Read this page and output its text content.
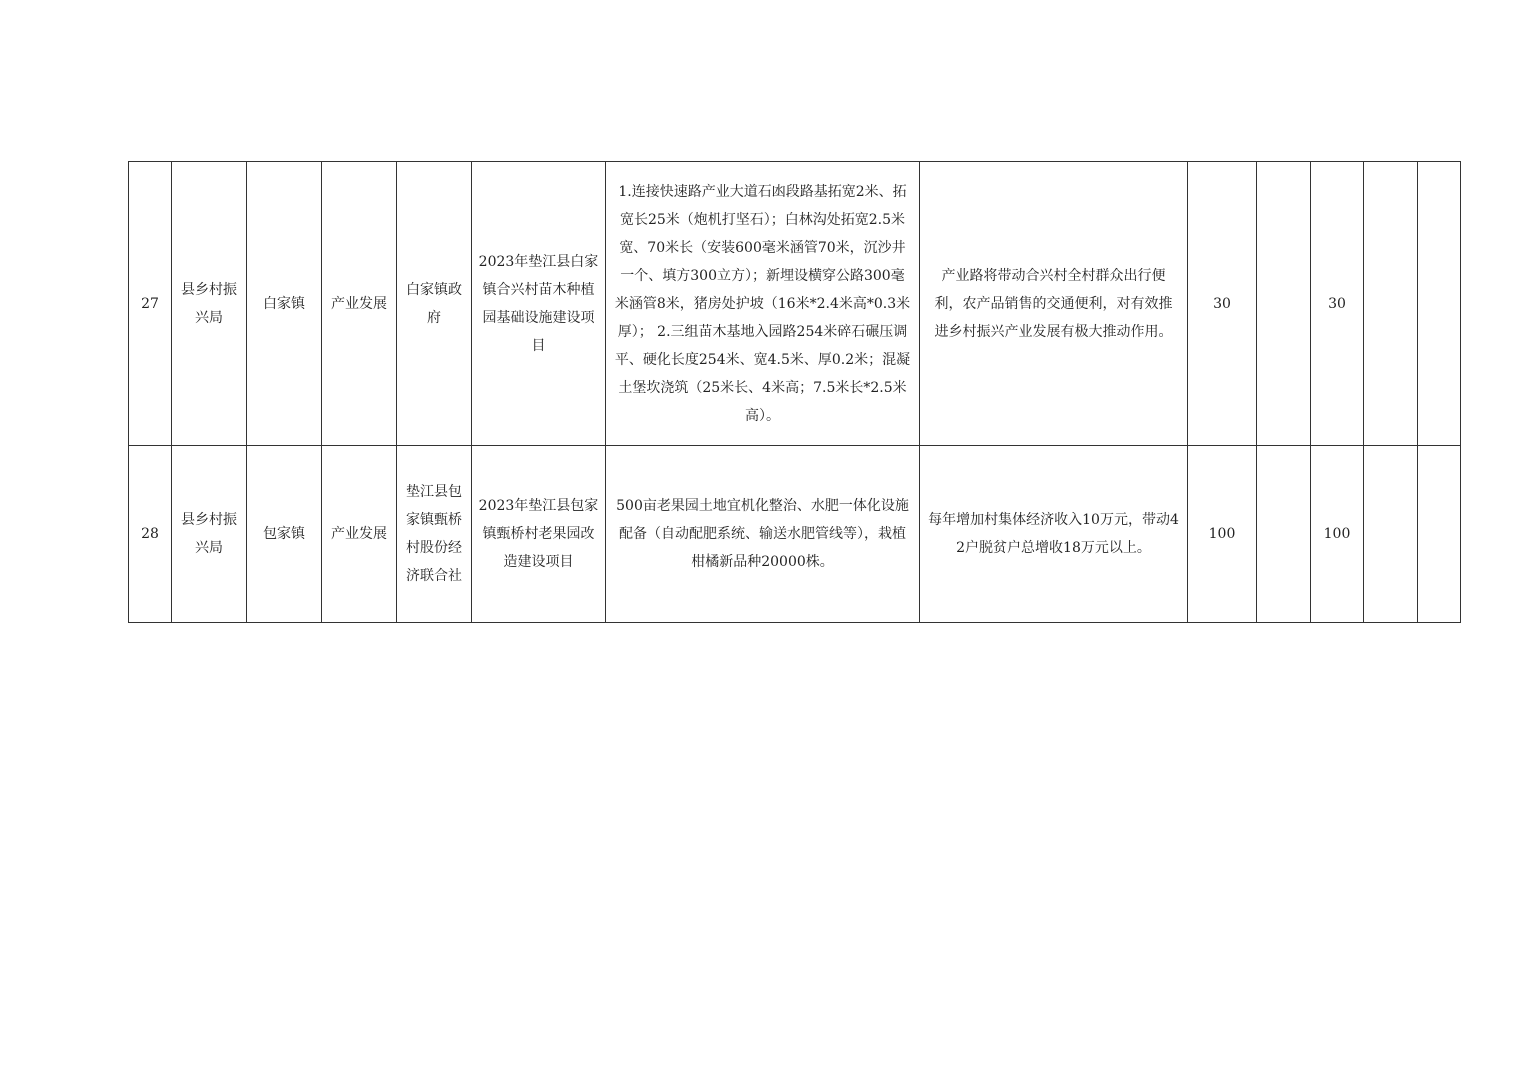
27	县乡村振兴局	白家镇	产业发展	白家镇政府	2023年垫江县白家镇合兴村苗木种植园基础设施建设项目	1.连接快速路产业大道石凼段路基拓宽2米、拓宽长25米（炮机打坚石）；白林沟处拓宽2.5米宽、70米长（安装600毫米涵管70米，沉沙井一个、填方300立方）；新埋设横穿公路300毫米涵管8米，猪房处护坡（16米*2.4米高*0.3米厚）； 2.三组苗木基地入园路254米碎石碾压调平、硬化长度254米、宽4.5米、厚0.2米；混凝土堡坎浇筑（25米长、4米高；7.5米长*2.5米高）。	产业路将带动合兴村全村群众出行便利，农产品销售的交通便利，对有效推进乡村振兴产业发展有极大推动作用。	30		30		

28	县乡村振兴局	包家镇	产业发展	垫江县包家镇甄桥村股份经济联合社	2023年垫江县包家镇甄桥村老果园改造建设项目	500亩老果园土地宜机化整治、水肥一体化设施配备（自动配肥系统、输送水肥管线等），栽植柑橘新品种20000株。	每年增加村集体经济收入10万元，带动42户脱贫户总增收18万元以上。	100		100		
